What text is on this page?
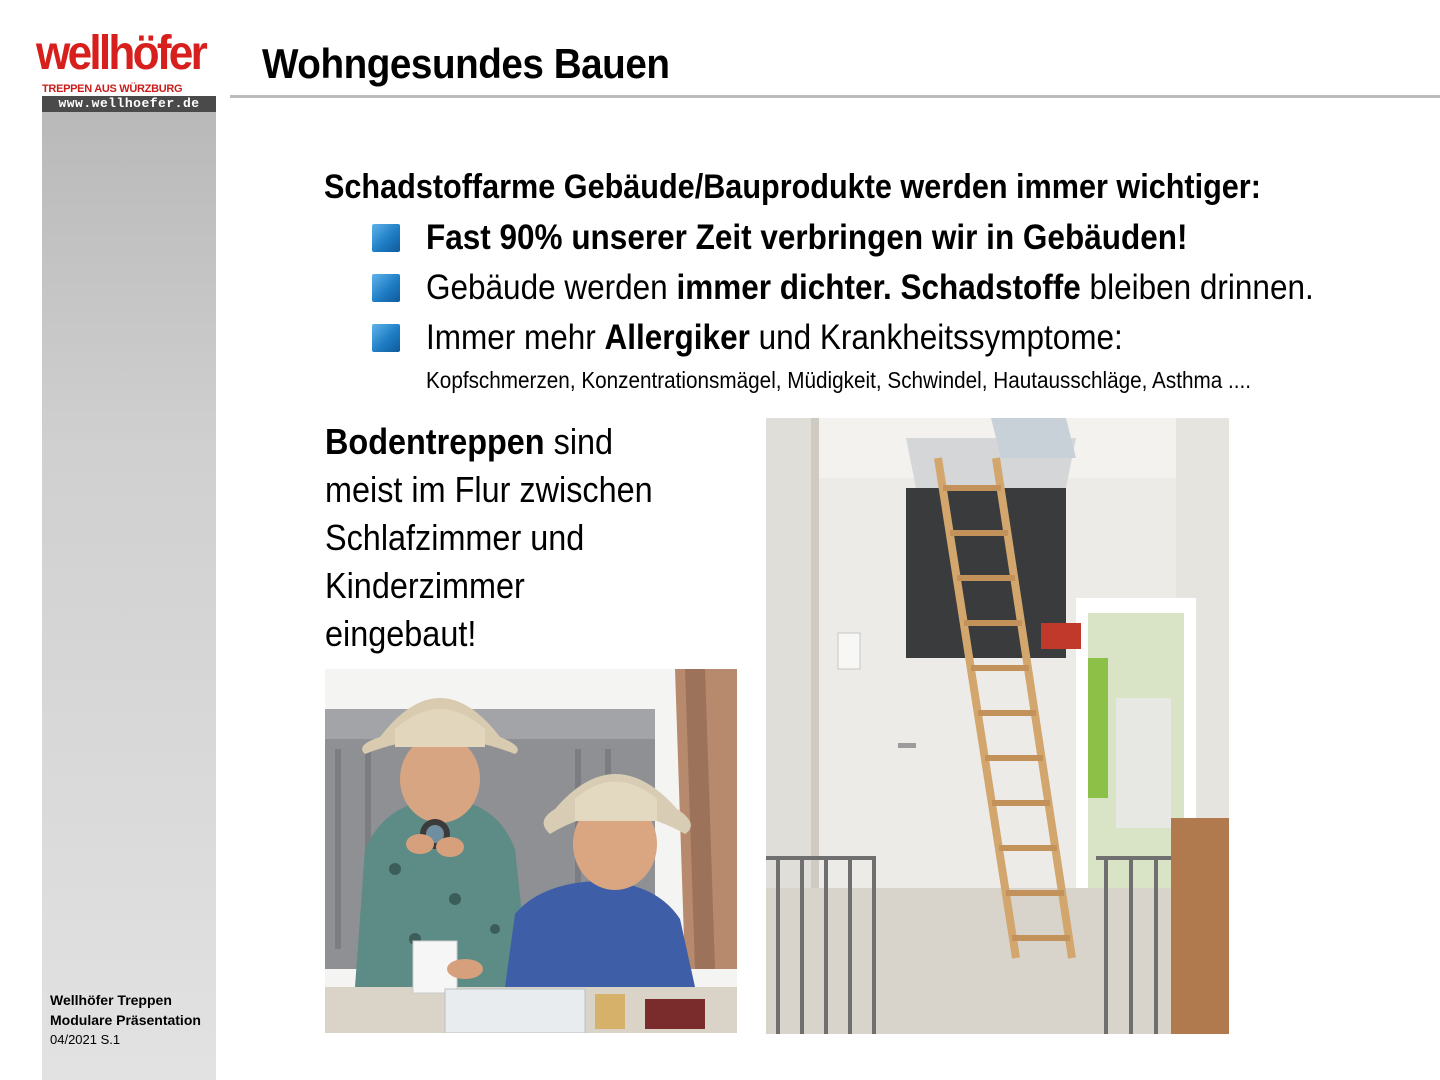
wellhöfer
TREPPEN AUS WÜRZBURG
www.wellhoefer.de
Wohngesundes Bauen
Schadstoffarme Gebäude/Bauprodukte werden immer wichtiger:
Fast 90% unserer Zeit verbringen wir in Gebäuden!
Gebäude werden immer dichter. Schadstoffe bleiben drinnen.
Immer mehr Allergiker und Krankheitssymptome:
Kopfschmerzen, Konzentrationsmägel, Müdigkeit, Schwindel, Hautausschläge, Asthma ....
Bodentreppen sind
meist im Flur zwischen
Schlafzimmer und
Kinderzimmer
eingebaut!
Wellhöfer Treppen
Modulare Präsentation
04/2021 S.1
